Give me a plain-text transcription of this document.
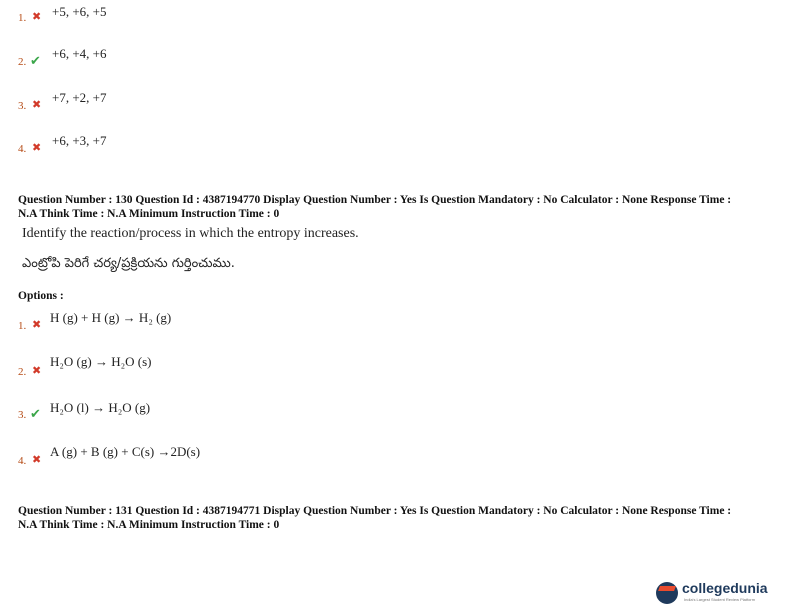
1. ✖ +5, +6, +5
2. ✔ +6, +4, +6
3. ✖ +7, +2, +7
4. ✖ +6, +3, +7
Question Number : 130 Question Id : 4387194770 Display Question Number : Yes Is Question Mandatory : No Calculator : None Response Time :
N.A Think Time : N.A Minimum Instruction Time : 0
Identify the reaction/process in which the entropy increases.
ఎంట్రోపి పెరిగే చర్య/ప్రక్రియను గుర్తించుము.
Options :
1. ✖ H (g) + H (g) → H₂ (g)
2. ✖
H₂O (g) → H₂O (s)
3. ✔ H₂O (l) → H₂O (g)
4. ✖
A (g) + B (g) + C(s) →2D(s)
Question Number : 131 Question Id : 4387194771 Display Question Number : Yes Is Question Mandatory : No Calculator : None Response Time :
N.A Think Time : N.A Minimum Instruction Time : 0
collegedunia
India's Largest Student Review Platform
